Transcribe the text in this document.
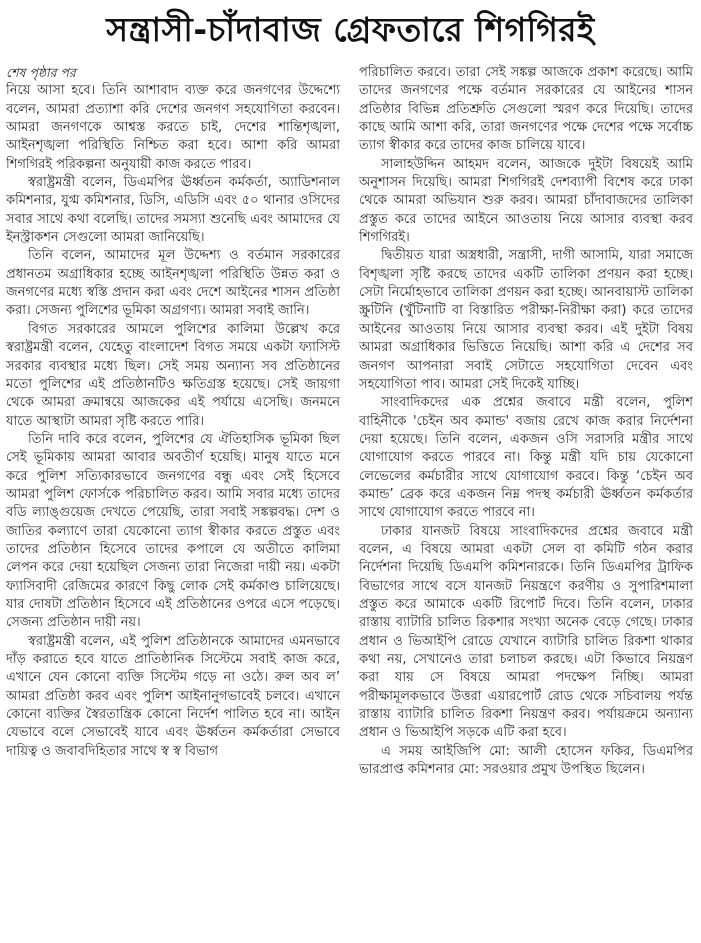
সন্ত্রাসী-চাঁদাবাজ গ্রেফতারে শিগগিরই
শেষ পৃষ্ঠার পর

নিয়ে আসা হবে। তিনি আশাবাদ ব্যক্ত করে জনগণের উদ্দেশ্যে বলেন, আমরা প্রত্যাশা করি দেশের জনগণ সহযোগিতা করবেন। আমরা জনগণকে আশ্বস্ত করতে চাই, দেশের শান্তিশৃঙ্খলা, আইনশৃঙ্খলা পরিস্থিতি নিশ্চিত করা হবে। আশা করি আমরা শিগগিরই পরিকল্পনা অনুযায়ী কাজ করতে পারব।

স্বরাষ্ট্রমন্ত্রী বলেন, ডিএমপির ঊর্ধ্বতন কর্মকর্তা, অ্যাডিশনাল কমিশনার, যুগ্ম কমিশনার, ডিসি, এডিসি এবং ৫০ থানার ওসিদের সবার সাথে কথা বলেছি। তাদের সমস্যা শুনেছি এবং আমাদের যে ইনস্ট্রাকশন সেগুলো আমরা জানিয়েছি।

তিনি বলেন, আমাদের মূল উদ্দেশ্য ও বর্তমান সরকারের প্রধানতম অগ্রাধিকার হচ্ছে আইনশৃঙ্খলা পরিস্থিতি উন্নত করা ও জনগণের মধ্যে স্বস্তি প্রদান করা এবং দেশে আইনের শাসন প্রতিষ্ঠা করা। সেজন্য পুলিশের ভূমিকা অগ্রগণ্য। আমরা সবাই জানি।

বিগত সরকারের আমলে পুলিশের কালিমা উল্লেখ করে স্বরাষ্ট্রমন্ত্রী বলেন, যেহেতু বাংলাদেশ বিগত সময়ে একটা ফ্যাসিস্ট সরকার ব্যবস্থার মধ্যে ছিল। সেই সময় অন্যান্য সব প্রতিষ্ঠানের মতো পুলিশের এই প্রতিষ্ঠানটিও ক্ষতিগ্রস্ত হয়েছে। সেই জায়গা থেকে আমরা ক্রমান্বয়ে আজকের এই পর্যায়ে এসেছি। জনমনে যাতে আস্থাটা আমরা সৃষ্টি করতে পারি।

তিনি দাবি করে বলেন, পুলিশের যে ঐতিহাসিক ভূমিকা ছিল সেই ভূমিকায় আমরা আবার অবতীর্ণ হয়েছি। মানুষ যাতে মনে করে পুলিশ সত্যিকারভাবে জনগণের বন্ধু এবং সেই হিসেবে আমরা পুলিশ ফোর্সকে পরিচালিত করব। আমি সবার মধ্যে তাদের বডি ল্যাঙ্গুয়েজ দেখতে পেয়েছি, তারা সবাই সঙ্কল্পবদ্ধ। দেশ ও জাতির কল্যাণে তারা যেকোনো ত্যাগ স্বীকার করতে প্রস্তুত এবং তাদের প্রতিষ্ঠান হিসেবে তাদের কপালে যে অতীতে কালিমা লেপন করে দেয়া হয়েছিল সেজন্য তারা নিজেরা দায়ী নয়। একটা ফ্যাসিবাদী রেজিমের কারণে কিছু লোক সেই কর্মকাণ্ড চালিয়েছে। যার দোষটা প্রতিষ্ঠান হিসেবে এই প্রতিষ্ঠানের ওপরে এসে পড়েছে। সেজন্য প্রতিষ্ঠান দায়ী নয়।

স্বরাষ্ট্রমন্ত্রী বলেন, এই পুলিশ প্রতিষ্ঠানকে আমাদের এমনভাবে দাঁড় করাতে হবে যাতে প্রাতিষ্ঠানিক সিস্টেমে সবাই কাজ করে, এখানে যেন কোনো ব্যক্তি সিস্টেম গড়ে না ওঠে। রুল অব ল’ আমরা প্রতিষ্ঠা করব এবং পুলিশ আইনানুগভাবেই চলবে। এখানে কোনো ব্যক্তির স্বৈরতান্ত্রিক কোনো নির্দেশ পালিত হবে না। আইন যেভাবে বলে সেভাবেই যাবে এবং ঊর্ধ্বতন কর্মকর্তারা সেভাবে দায়িত্ব ও জবাবদিহিতার সাথে স্ব স্ব বিভাগ

পরিচালিত করবে। তারা সেই সঙ্কল্প আজকে প্রকাশ করেছে। আমি তাদের জনগণের পক্ষে বর্তমান সরকারের যে আইনের শাসন প্রতিষ্ঠার বিভিন্ন প্রতিশ্রুতি সেগুলো স্মরণ করে দিয়েছি। তাদের কাছে আমি আশা করি, তারা জনগণের পক্ষে দেশের পক্ষে সর্বোচ্চ ত্যাগ স্বীকার করে তাদের কাজ চালিয়ে যাবে।

সালাহউদ্দিন আহমদ বলেন, আজকে দুইটা বিষয়েই আমি অনুশাসন দিয়েছি। আমরা শিগগিরই দেশব্যাপী বিশেষ করে ঢাকা থেকে আমরা অভিযান শুরু করব। আমরা চাঁদাবাজদের তালিকা প্রস্তুত করে তাদের আইনে আওতায় নিয়ে আসার ব্যবস্থা করব শিগগিরই।

দ্বিতীয়ত যারা অস্ত্রধারী, সন্ত্রাসী, দাগী আসামি, যারা সমাজে বিশৃঙ্খলা সৃষ্টি করছে তাদের একটি তালিকা প্রণয়ন করা হচ্ছে। সেটা নির্মোহভাবে তালিকা প্রণয়ন করা হচ্ছে। আনবায়াস্ট তালিকা স্ক্রুটিনি (খুঁটিনাটি বা বিস্তারিত পরীক্ষা-নিরীক্ষা করা) করে তাদের আইনের আওতায় নিয়ে আসার ব্যবস্থা করব। এই দুইটা বিষয় আমরা অগ্রাধিকার ভিত্তিতে নিয়েছি। আশা করি এ দেশের সব জনগণ আপনারা সবাই সেটাতে সহযোগিতা দেবেন এবং সহযোগিতা পাব। আমরা সেই দিকেই যাচ্ছি।

সাংবাদিকদের এক প্রশ্নের জবাবে মন্ত্রী বলেন, পুলিশ বাহিনীকে 'চেইন অব কমান্ড' বজায় রেখে কাজ করার নির্দেশনা দেয়া হয়েছে। তিনি বলেন, একজন ওসি সরাসরি মন্ত্রীর সাথে যোগাযোগ করতে পারবে না। কিন্তু মন্ত্রী যদি চায় যেকোনো লেভেলের কর্মচারীর সাথে যোগাযোগ করবে। কিন্তু ‘চেইন অব কমান্ড’ ব্রেক করে একজন নিম্ন পদস্থ কর্মচারী ঊর্ধ্বতন কর্মকর্তার সাথে যোগাযোগ করতে পারবে না।

ঢাকার যানজট বিষয়ে সাংবাদিকদের প্রশ্নের জবাবে মন্ত্রী বলেন, এ বিষয়ে আমরা একটা সেল বা কমিটি গঠন করার নির্দেশনা দিয়েছি ডিএমপি কমিশনারকে। তিনি ডিএমপির ট্রাফিক বিভাগের সাথে বসে যানজট নিয়ন্ত্রণে করণীয় ও সুপারিশমালা প্রস্তুত করে আমাকে একটি রিপোর্ট দিবে। তিনি বলেন, ঢাকার রাস্তায় ব্যাটারি চালিত রিকশার সংখ্যা অনেক বেড়ে গেছে। ঢাকার প্রধান ও ভিআইপি রোডে যেখানে ব্যাটারি চালিত রিকশা থাকার কথা নয়, সেখানেও তারা চলাচল করছে। এটা কিভাবে নিয়ন্ত্রণ করা যায় সে বিষয়ে আমরা পদক্ষেপ নিচ্ছি। আমরা পরীক্ষামূলকভাবে উত্তরা এয়ারপোর্ট রোড থেকে সচিবালয় পর্যন্ত রাস্তায় ব্যাটারি চালিত রিকশা নিয়ন্ত্রণ করব। পর্যায়ক্রমে অন্যান্য প্রধান ও ভিআইপি সড়কে এটি করা হবে।

এ সময় আইজিপি মো: আলী হোসেন ফকির, ডিএমপির ভারপ্রাপ্ত কমিশনার মো: সরওয়ার প্রমুখ উপস্থিত ছিলেন।
